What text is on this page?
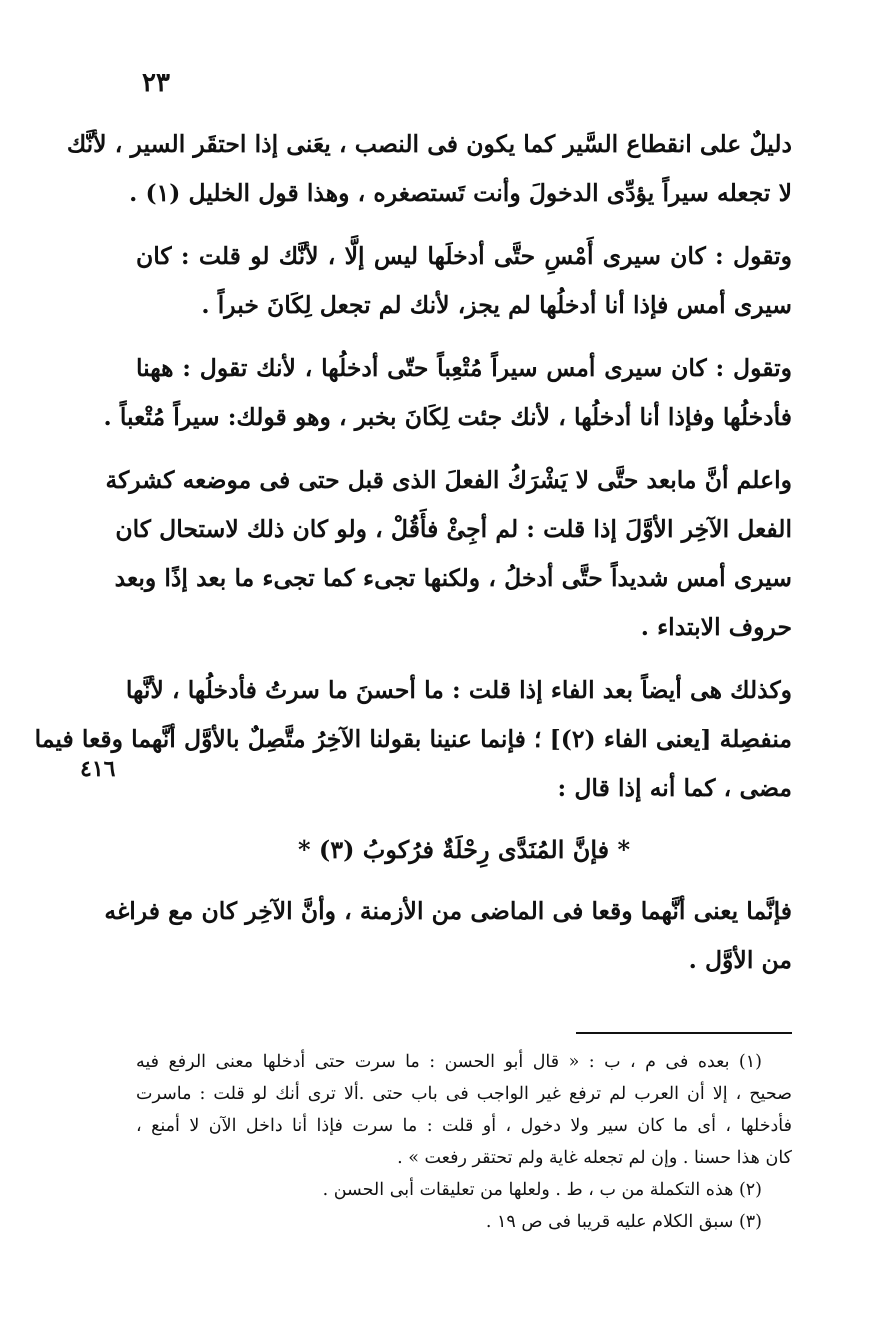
٢٣
دليلٌ على انقطاع السَّير كما يكون فى النصب ، يعَنى إذا احتقَر السير ، لأنَّك
لا تجعله سيراً يؤدِّى الدخولَ وأنت تَستصغره ، وهذا قول الخليل (١) .
وتقول : كان سيرى أَمْسِ حتَّى أدخلَها ليس إلَّا ، لأنَّك لو قلت : كان
سيرى أمس فإذا أنا أدخلُها لم يجز، لأنك لم تجعل لِكَانَ خبراً .
وتقول : كان سيرى أمس سيراً مُتْعِباً حتّى أدخلُها ، لأنك تقول : ههنا
فأدخلُها وفإذا أنا أدخلُها ، لأنك جئت لِكَانَ بخبر ، وهو قولك: سيراً مُتْعباً .
واعلم أنَّ مابعد حتَّى لا يَشْرَكُ الفعلَ الذى قبل حتى فى موضعه كشركة
الفعل الآخِر الأوَّلَ إذا قلت : لم أجِئْ فأَقُلْ ، ولو كان ذلك لاستحال كان
سيرى أمس شديداً حتَّى أدخلُ ، ولكنها تجىء كما تجىء ما بعد إذًا وبعد
حروف الابتداء .
وكذلك هى أيضاً بعد الفاء إذا قلت : ما أحسنَ ما سرتُ فأدخلُها ، لأنَّها
منفصِلة [يعنى الفاء (٢)] ؛ فإنما عنينا بقولنا الآخِرُ متَّصِلٌ بالأوَّل أنَّهما وقعا فيما
مضى ، كما أنه إذا قال :
* فإنَّ المُنَدَّى رِحْلَةٌ فرُكوبُ (٣) *
فإنَّما يعنى أنَّهما وقعا فى الماضى من الأزمنة ، وأنَّ الآخِر كان مع فراغه
من الأوَّل .
٤١٦
(١) بعده فى م ، ب : « قال أبو الحسن : ما سرت حتى أدخلها معنى الرفع فيه
صحيح ، إلا أن العرب لم ترفع غير الواجب فى باب حتى .ألا ترى أنك لو قلت : ماسرت
فأدخلها ، أى ما كان سير ولا دخول ، أو قلت : ما سرت فإذا أنا داخل الآن لا أمنع ،
كان هذا حسنا . وإن لم تجعله غاية ولم تحتقر رفعت » .
(٢) هذه التكملة من ب ، ط . ولعلها من تعليقات أبى الحسن .
(٣) سبق الكلام عليه قريبا فى ص ١٩ .
